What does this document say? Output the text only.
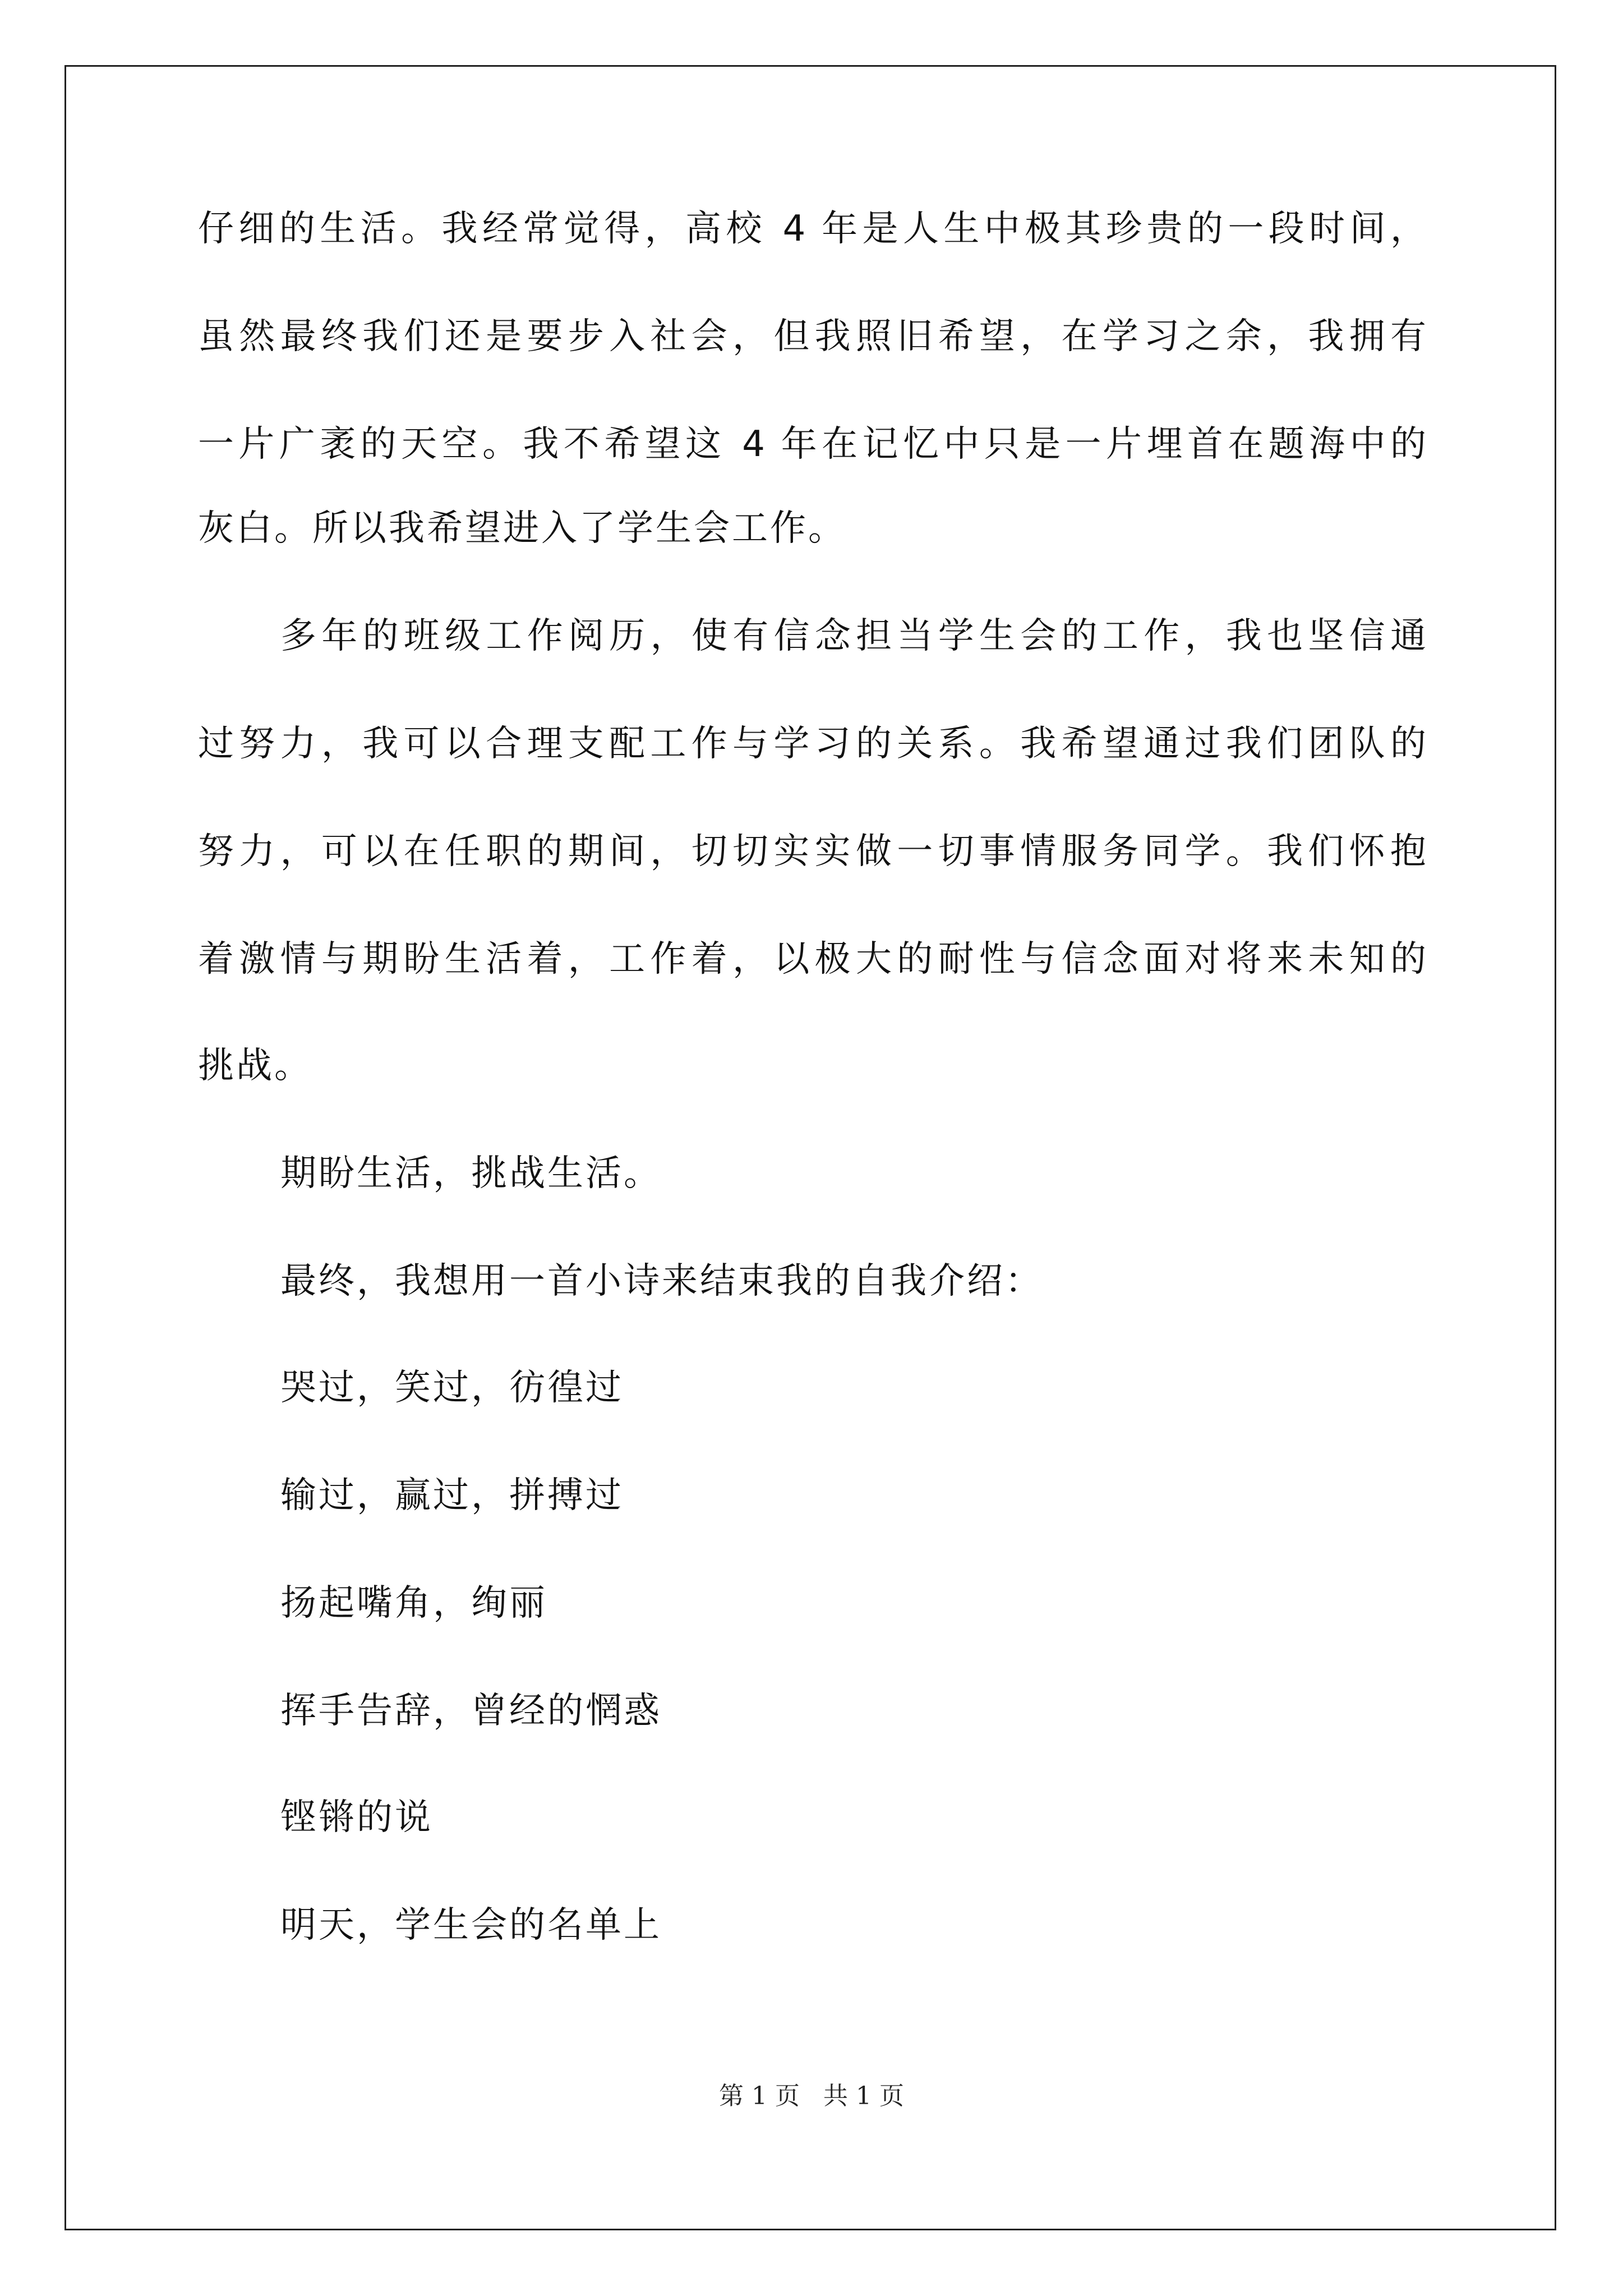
仔细的生活。我经常觉得，高校 4 年是人生中极其珍贵的一段时间，
虽然最终我们还是要步入社会，但我照旧希望，在学习之余，我拥有
一片广袤的天空。我不希望这 4 年在记忆中只是一片埋首在题海中的
灰白。所以我希望进入了学生会工作。
多年的班级工作阅历，使有信念担当学生会的工作，我也坚信通
过努力，我可以合理支配工作与学习的关系。我希望通过我们团队的
努力，可以在任职的期间，切切实实做一切事情服务同学。我们怀抱
着激情与期盼生活着，工作着，以极大的耐性与信念面对将来未知的
挑战。
期盼生活，挑战生活。
最终，我想用一首小诗来结束我的自我介绍：
哭过，笑过，彷徨过
输过，赢过，拼搏过
扬起嘴角，绚丽
挥手告辞，曾经的惘惑
铿锵的说
明天，学生会的名单上
第 1 页   共 1 页
